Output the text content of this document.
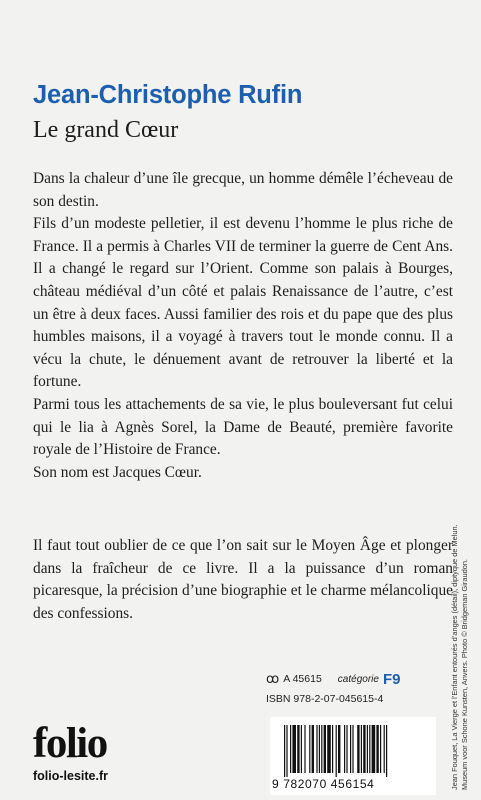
Jean-Christophe Rufin
Le grand Cœur

Dans la chaleur d’une île grecque, un homme démêle l’écheveau de son destin.

Fils d’un modeste pelletier, il est devenu l’homme le plus riche de France. Il a permis à Charles VII de terminer la guerre de Cent Ans. Il a changé le regard sur l’Orient. Comme son palais à Bourges, château médiéval d’un côté et palais Renaissance de l’autre, c’est un être à deux faces. Aussi familier des rois et du pape que des plus humbles maisons, il a voyagé à travers tout le monde connu. Il a vécu la chute, le dénuement avant de retrouver la liberté et la fortune.

Parmi tous les attachements de sa vie, le plus bouleversant fut celui qui le lia à Agnès Sorel, la Dame de Beauté, première favorite royale de l’Histoire de France.

Son nom est Jacques Cœur.

Il faut tout oublier de ce que l’on sait sur le Moyen Âge et plonger dans la fraîcheur de ce livre. Il a la puissance d’un roman picaresque, la précision d’une biographie et le charme mélancolique des confessions.	Jean Fouquet, La Vierge et l’Enfant entourés d’anges (détail), diptyque de Melun. Museum voor Schone Kunsten, Anvers. Photo © Bridgeman Giraudon.

ꝏ A 45615 catégorie F9
ISBN 978-2-07-045615-4
folio
folio-lesite.fr
9 782070 456154
